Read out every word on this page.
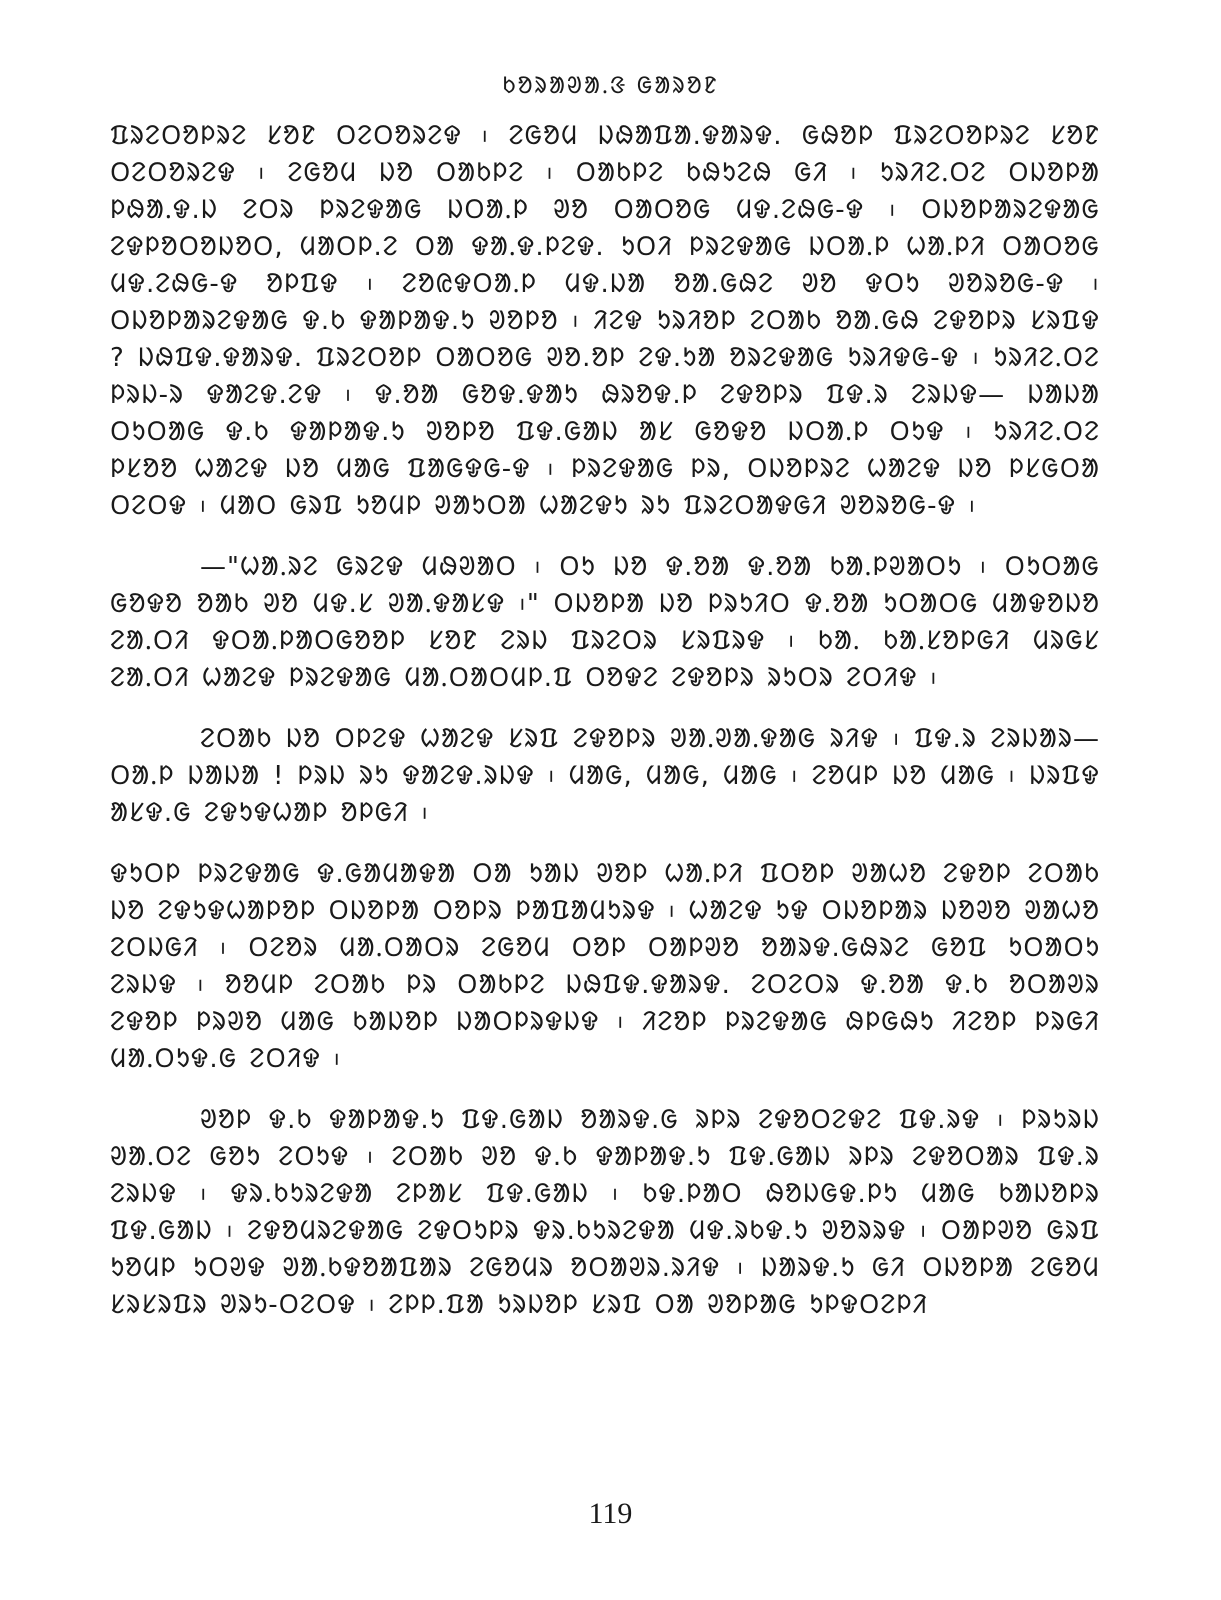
ᱠᱚᱨᱟᱣᱟᱹᱝ ᱜᱟᱨᱚᱱ

ᱯᱨᱮᱛᱚᱞᱨᱮ ᱥᱚᱱ ᱛᱮᱛᱚᱨᱮᱫ ᱾ ᱮᱜᱚᱢ ᱡᱷᱟᱯᱟ.ᱫᱟᱨᱫ. ᱜᱷᱚᱞ ᱯᱨᱮᱛᱚᱞᱨᱮ ᱥᱚᱱ ᱛᱮᱛᱚᱨᱮᱫ ᱾ ᱮᱜᱚᱢ ᱡᱚ ᱛᱟᱠᱞᱮ ᱾ ᱛᱟᱠᱞᱮ ᱠᱷᱩᱮᱷ ᱜᱤ ᱾ ᱩᱨᱤᱮᱹᱛᱮ ᱛᱡᱚᱞᱟ ᱞᱷᱟᱹᱫ.ᱡ ᱮᱛᱨ ᱞᱨᱮᱫᱟᱜ ᱡᱛᱟᱹᱞ ᱣᱚ ᱛᱟᱛᱚᱜ ᱢᱫ.ᱮᱷᱜ-ᱫ ᱾ ᱛᱡᱚᱞᱟᱨᱮᱫᱟᱜ ᱮᱫᱞᱚᱛᱚᱡᱚᱛ, ᱢᱟᱛᱞ.ᱮ ᱛᱟ ᱫᱟᱹᱫ.ᱞᱮᱫ. ᱩᱛᱤ ᱞᱨᱮᱫᱟᱜ ᱡᱛᱟᱹᱞ ᱦᱟᱹᱞᱤ ᱛᱟᱛᱚᱜ ᱢᱫ.ᱮᱷᱜ-ᱫ ᱚᱞᱯᱫ ᱾ ᱮᱚᱭᱫᱛᱟᱹᱞ ᱢᱫ.ᱡᱟ ᱚᱟ.ᱜᱷᱮ ᱣᱚ ᱫᱛᱩ ᱣᱚᱨᱚᱜ-ᱫ ᱾ ᱛᱡᱚᱞᱟᱨᱮᱫᱟᱜ ᱫ.ᱠ ᱫᱟᱞᱟᱫ.ᱩ ᱣᱚᱞᱚ ᱾ ᱤᱮᱫ ᱩᱨᱤᱚᱞ ᱮᱛᱟᱠ ᱚᱟ.ᱜᱷ ᱮᱫᱚᱞᱨ ᱥᱨᱯᱫ ? ᱡᱷᱯᱫ.ᱫᱟᱨᱫ. ᱯᱨᱮᱛᱚᱞ ᱛᱟᱛᱚᱜ ᱣᱚ.ᱚᱞ ᱮᱫ.ᱩᱟ ᱚᱨᱮᱫᱟᱜ ᱩᱨᱤᱫᱜ-ᱫ ᱾ ᱩᱨᱤᱮᱹᱛᱮ ᱞᱨᱡ-ᱨ ᱫᱟᱮᱫ.ᱮᱫ ᱾ ᱫ.ᱚᱟ ᱜᱚᱫ.ᱫᱟᱩ ᱷᱨᱚᱫ.ᱞ ᱮᱫᱚᱞᱨ ᱯᱫ.ᱨ ᱮᱨᱡᱫ— ᱡᱟᱡᱟ ᱛᱩᱛᱟᱜ ᱫ.ᱠ ᱫᱟᱞᱟᱫ.ᱩ ᱣᱚᱞᱚ ᱯᱫ.ᱜᱟᱡ ᱟᱥ ᱜᱚᱫᱚ ᱡᱛᱟᱹᱞ ᱛᱩᱫ ᱾ ᱩᱨᱤᱮᱹᱛᱮ ᱞᱥᱚᱚ ᱦᱟᱮᱫ ᱡᱚ ᱢᱟᱜ ᱯᱟᱜᱫᱜ-ᱫ ᱾ ᱞᱨᱮᱫᱟᱜ ᱞᱨ, ᱛᱡᱚᱞᱨᱮ ᱦᱟᱮᱫ ᱡᱚ ᱞᱥᱜᱛᱟ ᱛᱮᱛᱫ ᱾ ᱢᱟᱛ ᱜᱨᱯ ᱩᱚᱢᱞ ᱣᱟᱩᱛᱟ ᱦᱟᱮᱫᱩ ᱨᱩ ᱯᱨᱮᱛᱟᱫᱜᱤ ᱣᱚᱨᱚᱜ-ᱫ ᱾

—"ᱦᱟᱹᱨᱮ ᱜᱨᱮᱫ ᱢᱷᱣᱟᱛ ᱾ ᱛᱩ ᱡᱚ ᱫ.ᱚᱟ ᱫ.ᱚᱟ ᱠᱟᱹᱞᱣᱟᱛᱩ ᱾ ᱛᱩᱛᱟᱜ ᱜᱚᱫᱚ ᱚᱟᱠ ᱣᱚ ᱢᱫ.ᱥ ᱣᱟᱹᱫᱟᱥᱫ ᱾" ᱛᱡᱚᱞᱟ ᱡᱚ ᱞᱨᱩᱤᱛ ᱫ.ᱚᱟ ᱩᱛᱟᱛᱜ ᱢᱟᱫᱚᱡᱚ ᱮᱟᱹᱛᱤ ᱫᱛᱟᱹᱞᱟᱛᱜᱚᱚᱞ ᱥᱚᱱ ᱮᱨᱡ ᱯᱨᱮᱛᱨ ᱥᱨᱯᱨᱫ ᱾ ᱠᱟᱹ ᱠᱟᱹᱥᱚᱞᱜᱤ ᱢᱨᱜᱥ ᱮᱟᱹᱛᱤ ᱦᱟᱮᱫ ᱞᱨᱮᱫᱟᱜ ᱢᱟᱹᱛᱟᱛᱢᱞ.ᱯ ᱛᱚᱫᱮ ᱮᱫᱚᱞᱨ ᱨᱩᱛᱨ ᱮᱛᱤᱫ ᱾

ᱮᱛᱟᱠ ᱡᱚ ᱛᱞᱮᱫ ᱦᱟᱮᱫ ᱥᱨᱯ ᱮᱫᱚᱞᱨ ᱣᱟᱹᱣᱟᱹᱫᱟᱜ ᱨᱤᱫ ᱾ ᱯᱫ.ᱨ ᱮᱨᱡᱟᱨ— ᱛᱟᱹᱞ ᱡᱟᱡᱟ ! ᱞᱨᱡ ᱨᱩ ᱫᱟᱮᱫ.ᱨᱡᱫ ᱾ ᱢᱟᱜ, ᱢᱟᱜ, ᱢᱟᱜ ᱾ ᱮᱚᱢᱞ ᱡᱚ ᱢᱟᱜ ᱾ ᱡᱨᱯᱫ ᱟᱥᱫ.ᱜ ᱮᱫᱩᱫᱦᱟᱞ ᱚᱞᱜᱤ ᱾

ᱫᱩᱛᱞ ᱞᱨᱮᱫᱟᱜ ᱫ.ᱜᱟᱢᱟᱫᱟ ᱛᱟ ᱩᱟᱡ ᱣᱚᱞ ᱦᱟᱹᱞᱤ ᱯᱛᱚᱞ ᱣᱟᱦᱚ ᱮᱫᱚᱞ ᱮᱛᱟᱠ ᱡᱚ ᱮᱫᱩᱫᱦᱟᱞᱚᱞ ᱛᱡᱚᱞᱟ ᱛᱚᱞᱨ ᱞᱟᱯᱟᱢᱩᱨᱫ ᱾ ᱦᱟᱮᱫ ᱩᱫ ᱛᱡᱚᱞᱟᱨ ᱡᱚᱣᱚ ᱣᱟᱦᱚ ᱮᱛᱡᱜᱤ ᱾ ᱛᱮᱚᱨ ᱢᱟᱹᱛᱟᱛᱨ ᱮᱜᱚᱢ ᱛᱚᱞ ᱛᱟᱞᱣᱚ ᱚᱟᱨᱫ.ᱜᱷᱨᱮ ᱜᱚᱯ ᱩᱛᱟᱛᱩ ᱮᱨᱡᱫ ᱾ ᱚᱚᱢᱞ ᱮᱛᱟᱠ ᱞᱨ ᱛᱟᱠᱞᱮ ᱡᱷᱯᱫ.ᱫᱟᱨᱫ. ᱮᱛᱮᱛᱨ ᱫ.ᱚᱟ ᱫ.ᱠ ᱚᱛᱟᱣᱨ ᱮᱫᱚᱞ ᱞᱨᱣᱚ ᱢᱟᱜ ᱠᱟᱡᱚᱞ ᱡᱟᱛᱞᱨᱫᱡᱫ ᱾ ᱤᱮᱚᱞ ᱞᱨᱮᱫᱟᱜ ᱷᱞᱜᱷᱩ ᱤᱮᱚᱞ ᱞᱨᱜᱤ ᱢᱟᱹᱛᱩᱫ.ᱜ ᱮᱛᱤᱫ ᱾

ᱣᱚᱞ ᱫ.ᱠ ᱫᱟᱞᱟᱫ.ᱩ ᱯᱫ.ᱜᱟᱡ ᱚᱟᱨᱫ.ᱜ ᱨᱞᱨ ᱮᱫᱚᱛᱮᱫᱮ ᱯᱫ.ᱨᱫ ᱾ ᱞᱨᱩᱨᱡ ᱣᱟᱹᱛᱮ ᱜᱚᱩ ᱮᱛᱩᱫ ᱾ ᱮᱛᱟᱠ ᱣᱚ ᱫ.ᱠ ᱫᱟᱞᱟᱫ.ᱩ ᱯᱫ.ᱜᱟᱡ ᱨᱞᱨ ᱮᱫᱚᱛᱟᱨ ᱯᱫ.ᱨ ᱮᱨᱡᱫ ᱾ ᱫᱨ.ᱠᱩᱨᱮᱫᱟ ᱮᱞᱟᱥ ᱯᱫ.ᱜᱟᱡ ᱾ ᱠᱫ.ᱞᱟᱛ ᱷᱚᱡᱜᱫ.ᱞᱩ ᱢᱟᱜ ᱠᱟᱡᱚᱞᱨ ᱯᱫ.ᱜᱟᱡ ᱾ ᱮᱫᱚᱢᱨᱮᱫᱟᱜ ᱮᱫᱛᱩᱞᱨ ᱫᱨ.ᱠᱩᱨᱮᱫᱟ ᱢᱫ.ᱨᱠᱫ.ᱩ ᱣᱚᱨᱨᱫ ᱾ ᱛᱟᱞᱣᱚ ᱜᱨᱯ ᱩᱚᱢᱞ ᱩᱛᱣᱫ ᱣᱟᱹᱠᱫᱚᱟᱯᱟᱨ ᱮᱜᱚᱢᱨ ᱚᱛᱟᱣᱨ.ᱨᱤᱫ ᱾ ᱡᱟᱨᱫ.ᱩ ᱜᱤ ᱛᱡᱚᱞᱟ ᱮᱜᱚᱢ ᱥᱨᱥᱨᱯᱨ ᱣᱨᱩ-ᱛᱮᱛᱫ ᱾ ᱮᱞᱞ.ᱯᱟ ᱩᱨᱡᱚᱞ ᱥᱨᱯ ᱛᱟ ᱣᱚᱞᱟᱜ ᱩᱞᱫᱛᱮᱞᱤ

119
